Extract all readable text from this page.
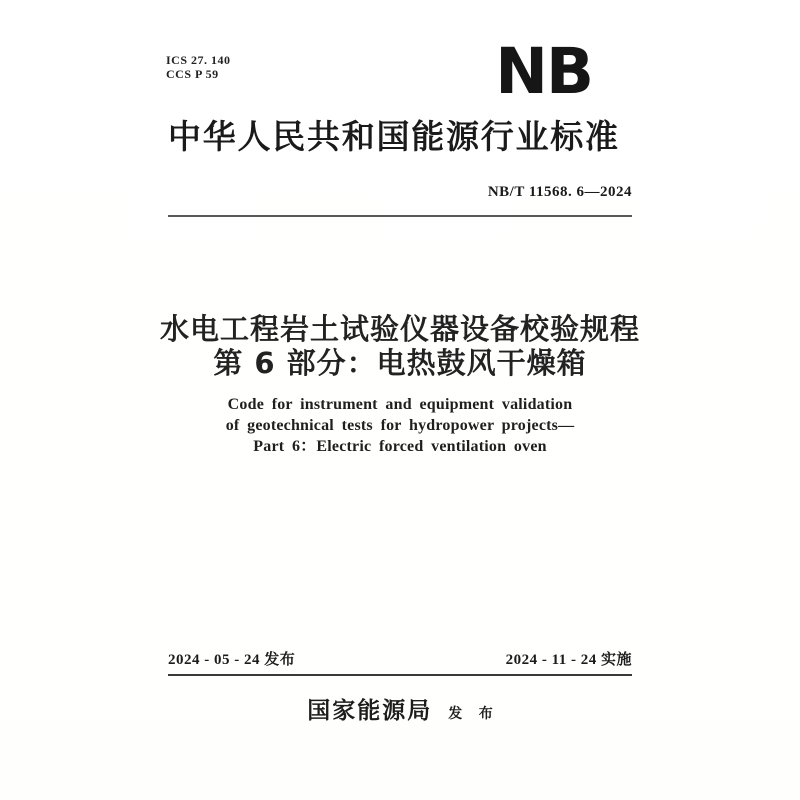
ICS 27. 140
CCS P 59	NB
中华人民共和国能源行业标准
NB/T 11568. 6—2024
水电工程岩土试验仪器设备校验规程
第 6 部分：电热鼓风干燥箱
Code for instrument and equipment validation
of geotechnical tests for hydropower projects—
Part 6：Electric forced ventilation oven
2024 - 05 - 24 发布	2024 - 11 - 24 实施
国家能源局 发 布
